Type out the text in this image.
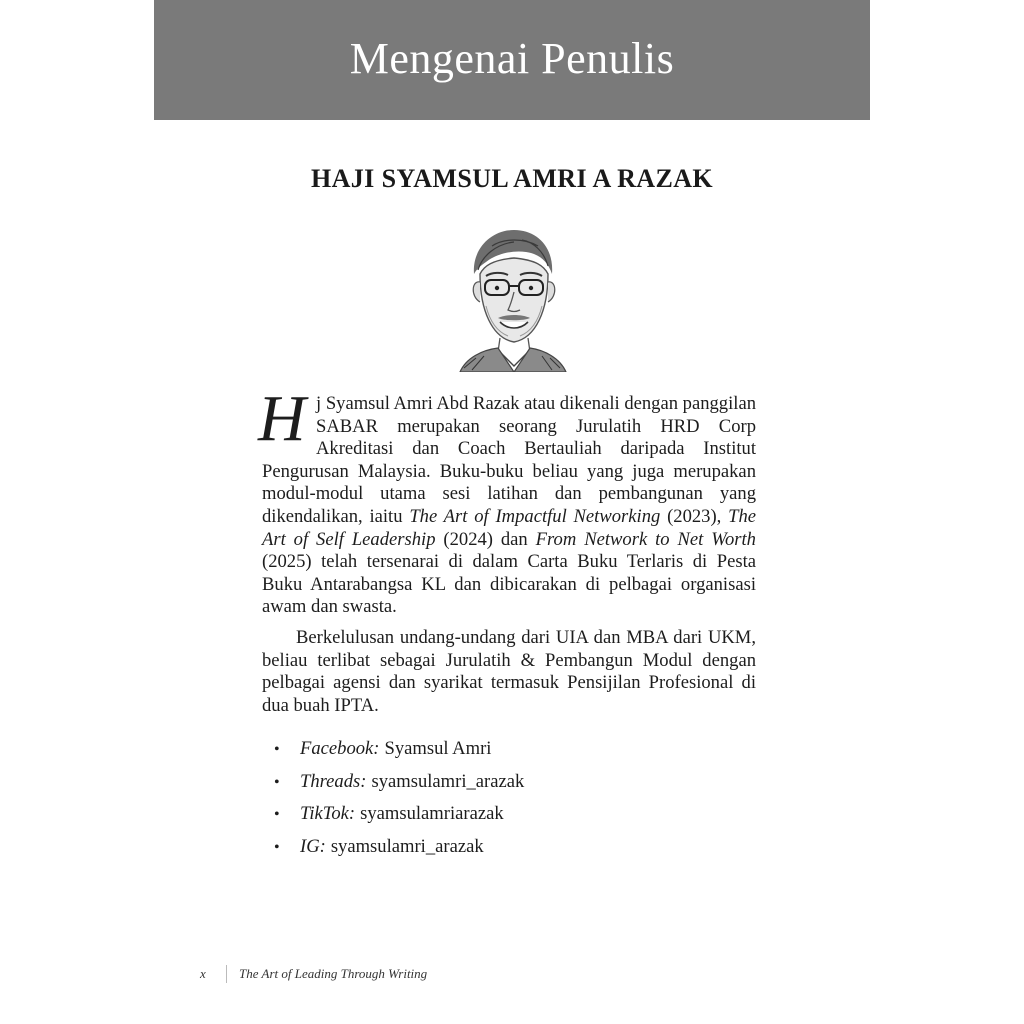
Mengenai Penulis
HAJI SYAMSUL AMRI A RAZAK

Hj Syamsul Amri Abd Razak atau dikenali dengan panggilan SABAR merupakan seorang Jurulatih HRD Corp Akreditasi dan Coach Bertauliah daripada Institut Pengurusan Malaysia. Buku-buku beliau yang juga merupakan modul-modul utama sesi latihan dan pembangunan yang dikendalikan, iaitu The Art of Impactful Networking (2023), The Art of Self Leadership (2024) dan From Network to Net Worth (2025) telah tersenarai di dalam Carta Buku Terlaris di Pesta Buku Antarabangsa KL dan dibicarakan di pelbagai organisasi awam dan swasta.

Berkelulusan undang-undang dari UIA dan MBA dari UKM, beliau terlibat sebagai Jurulatih & Pembangun Modul dengan pelbagai agensi dan syarikat termasuk Pensijilan Profesional di dua buah IPTA.

•	Facebook: Syamsul Amri
•	Threads: syamsulamri_arazak
•	TikTok: syamsulamriarazak
•	IG: syamsulamri_arazak
x	The Art of Leading Through Writing
